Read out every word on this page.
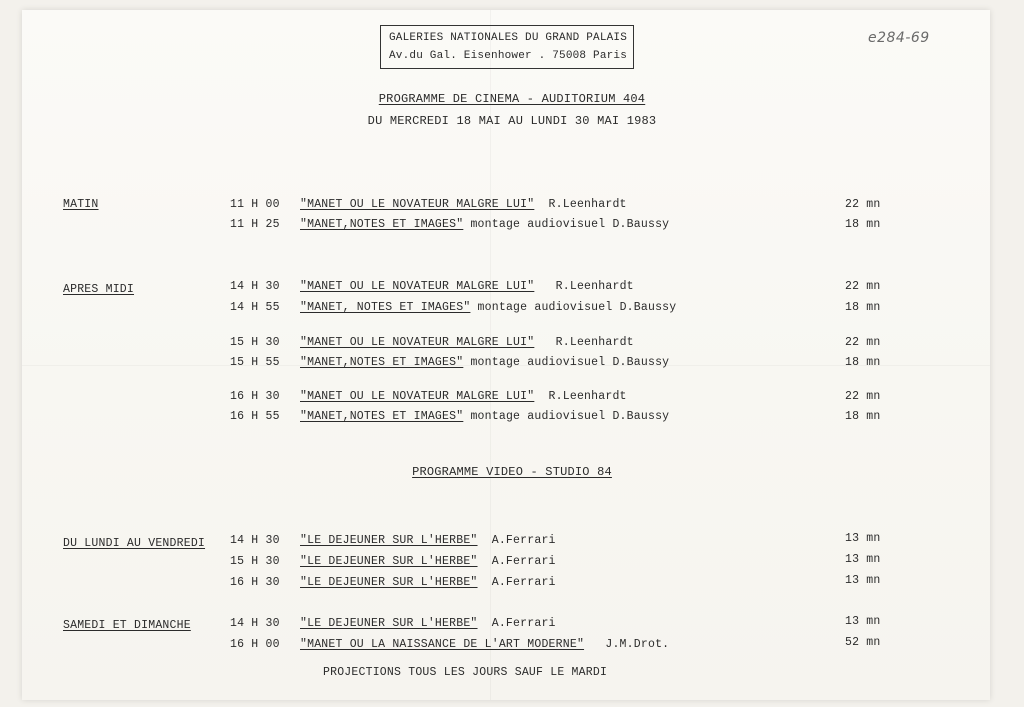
GALERIES NATIONALES DU GRAND PALAIS
Av.du Gal. Eisenhower . 75008 Paris
e284-69
PROGRAMME DE CINEMA - AUDITORIUM 404
DU MERCREDI 18 MAI AU LUNDI 30 MAI 1983
MATIN	11 H 00 "MANET OU LE NOVATEUR MALGRE LUI" R.Leenhardt	22 mn
11 H 25 "MANET,NOTES ET IMAGES" montage audiovisuel D.Baussy	18 mn
APRES MIDI	14 H 30 "MANET OU LE NOVATEUR MALGRE LUI" R.Leenhardt	22 mn
14 H 55 "MANET, NOTES ET IMAGES" montage audiovisuel D.Baussy	18 mn
15 H 30 "MANET OU LE NOVATEUR MALGRE LUI" R.Leenhardt	22 mn
15 H 55 "MANET,NOTES ET IMAGES" montage audiovisuel D.Baussy	18 mn
16 H 30 "MANET OU LE NOVATEUR MALGRE LUI" R.Leenhardt	22 mn
16 H 55 "MANET,NOTES ET IMAGES" montage audiovisuel D.Baussy	18 mn
PROGRAMME VIDEO - STUDIO 84
DU LUNDI AU VENDREDI 14 H 30 "LE DEJEUNER SUR L'HERBE" A.Ferrari	13 mn
15 H 30 "LE DEJEUNER SUR L'HERBE" A.Ferrari	13 mn
16 H 30 "LE DEJEUNER SUR L'HERBE" A.Ferrari	13 mn
SAMEDI ET DIMANCHE	14 H 30 "LE DEJEUNER SUR L'HERBE" A.Ferrari	13 mn
16 H 00 "MANET OU LA NAISSANCE DE L'ART MODERNE" J.M.Drot.	52 mn
PROJECTIONS TOUS LES JOURS SAUF LE MARDI
